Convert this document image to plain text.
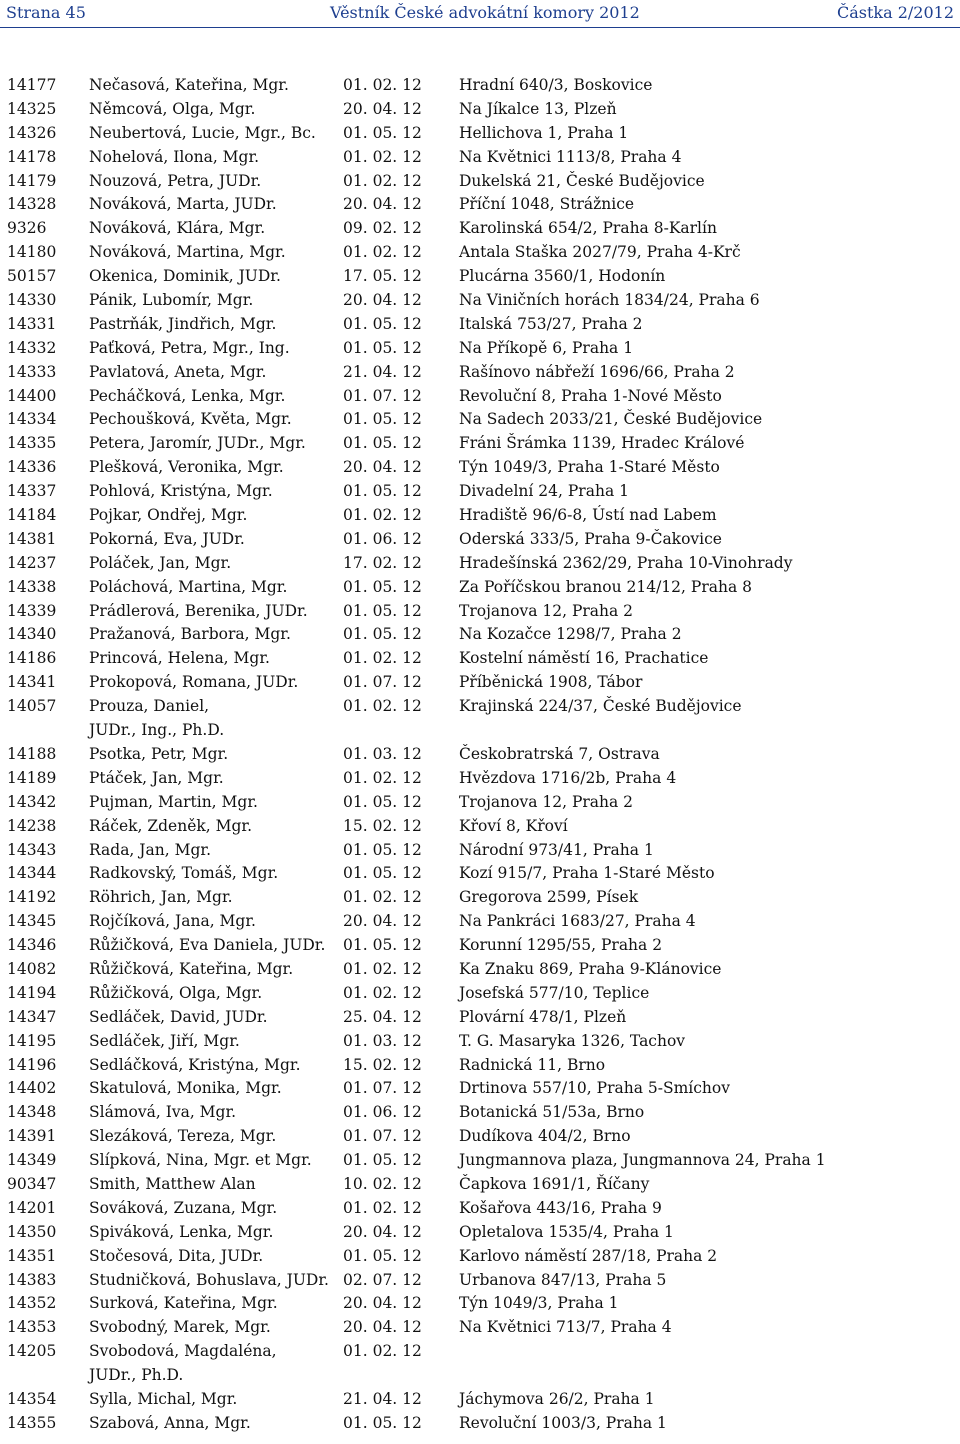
Strana 45	Věstník České advokátní komory 2012	Částka 2/2012
14177 Nečasová, Kateřina, Mgr.	01. 02. 12 Hradní 640/3, Boskovice
14325 Němcová, Olga, Mgr.	20. 04. 12 Na Jíkalce 13, Plzeň
14326 Neubertová, Lucie, Mgr., Bc. 01. 05. 12 Hellichova 1, Praha 1
14178 Nohelová, Ilona, Mgr.	01. 02. 12 Na Květnici 1113/8, Praha 4
14179 Nouzová, Petra, JUDr.	01. 02. 12 Dukelská 21, České Budějovice
14328 Nováková, Marta, JUDr.	20. 04. 12 Příční 1048, Strážnice
9326	Nováková, Klára, Mgr.	09. 02. 12 Karolinská 654/2, Praha 8-Karlín
14180 Nováková, Martina, Mgr.	01. 02. 12 Antala Staška 2027/79, Praha 4-Krč
50157 Okenica, Dominik, JUDr.	17. 05. 12 Plucárna 3560/1, Hodonín
14330 Pánik, Lubomír, Mgr.	20. 04. 12 Na Viničních horách 1834/24, Praha 6
14331 Pastrňák, Jindřich, Mgr.	01. 05. 12 Italská 753/27, Praha 2
14332 Paťková, Petra, Mgr., Ing.	01. 05. 12 Na Příkopě 6, Praha 1
14333 Pavlatová, Aneta, Mgr.	21. 04. 12 Rašínovo nábřeží 1696/66, Praha 2
14400 Pecháčková, Lenka, Mgr.	01. 07. 12 Revoluční 8, Praha 1-Nové Město
14334 Pechoušková, Květa, Mgr.	01. 05. 12 Na Sadech 2033/21, České Budějovice
14335 Petera, Jaromír, JUDr., Mgr. 01. 05. 12 Fráni Šrámka 1139, Hradec Králové
14336 Plešková, Veronika, Mgr.	20. 04. 12 Týn 1049/3, Praha 1-Staré Město
14337 Pohlová, Kristýna, Mgr.	01. 05. 12 Divadelní 24, Praha 1
14184 Pojkar, Ondřej, Mgr.	01. 02. 12 Hradiště 96/6-8, Ústí nad Labem
14381 Pokorná, Eva, JUDr.	01. 06. 12 Oderská 333/5, Praha 9-Čakovice
14237 Poláček, Jan, Mgr.	17. 02. 12 Hradešínská 2362/29, Praha 10-Vinohrady
14338 Poláchová, Martina, Mgr.	01. 05. 12 Za Poříčskou branou 214/12, Praha 8
14339 Prádlerová, Berenika, JUDr. 01. 05. 12 Trojanova 12, Praha 2
14340 Pražanová, Barbora, Mgr.	01. 05. 12 Na Kozačce 1298/7, Praha 2
14186 Princová, Helena, Mgr.	01. 02. 12 Kostelní náměstí 16, Prachatice
14341 Prokopová, Romana, JUDr.	01. 07. 12 Příběnická 1908, Tábor
14057 Prouza, Daniel,	01. 02. 12 Krajinská 224/37, České Budějovice
JUDr., Ing., Ph.D.
14188 Psotka, Petr, Mgr.	01. 03. 12 Českobratrská 7, Ostrava
14189 Ptáček, Jan, Mgr.	01. 02. 12 Hvězdova 1716/2b, Praha 4
14342 Pujman, Martin, Mgr.	01. 05. 12 Trojanova 12, Praha 2
14238 Ráček, Zdeněk, Mgr.	15. 02. 12 Křoví 8, Křoví
14343 Rada, Jan, Mgr.	01. 05. 12 Národní 973/41, Praha 1
14344 Radkovský, Tomáš, Mgr.	01. 05. 12 Kozí 915/7, Praha 1-Staré Město
14192 Röhrich, Jan, Mgr.	01. 02. 12 Gregorova 2599, Písek
14345 Rojčíková, Jana, Mgr.	20. 04. 12 Na Pankráci 1683/27, Praha 4
14346 Růžičková, Eva Daniela, JUDr. 01. 05. 12 Korunní 1295/55, Praha 2
14082 Růžičková, Kateřina, Mgr.	01. 02. 12 Ka Znaku 869, Praha 9-Klánovice
14194 Růžičková, Olga, Mgr.	01. 02. 12 Josefská 577/10, Teplice
14347 Sedláček, David, JUDr.	25. 04. 12 Plovární 478/1, Plzeň
14195 Sedláček, Jiří, Mgr.	01. 03. 12 T. G. Masaryka 1326, Tachov
14196 Sedláčková, Kristýna, Mgr.	15. 02. 12 Radnická 11, Brno
14402 Skatulová, Monika, Mgr.	01. 07. 12 Drtinova 557/10, Praha 5-Smíchov
14348 Slámová, Iva, Mgr.	01. 06. 12 Botanická 51/53a, Brno
14391 Slezáková, Tereza, Mgr.	01. 07. 12 Dudíkova 404/2, Brno
14349 Slípková, Nina, Mgr. et Mgr. 01. 05. 12 Jungmannova plaza, Jungmannova 24, Praha 1
90347 Smith, Matthew Alan	10. 02. 12 Čapkova 1691/1, Říčany
14201 Sováková, Zuzana, Mgr.	01. 02. 12 Košařova 443/16, Praha 9
14350 Spiváková, Lenka, Mgr.	20. 04. 12 Opletalova 1535/4, Praha 1
14351 Stočesová, Dita, JUDr.	01. 05. 12 Karlovo náměstí 287/18, Praha 2
14383 Studničková, Bohuslava, JUDr. 02. 07. 12 Urbanova 847/13, Praha 5
14352 Surková, Kateřina, Mgr.	20. 04. 12 Týn 1049/3, Praha 1
14353 Svobodný, Marek, Mgr.	20. 04. 12 Na Květnici 713/7, Praha 4
14205 Svobodová, Magdaléna,	01. 02. 12
JUDr., Ph.D.
14354 Sylla, Michal, Mgr.	21. 04. 12 Jáchymova 26/2, Praha 1
14355 Szabová, Anna, Mgr.	01. 05. 12 Revoluční 1003/3, Praha 1
